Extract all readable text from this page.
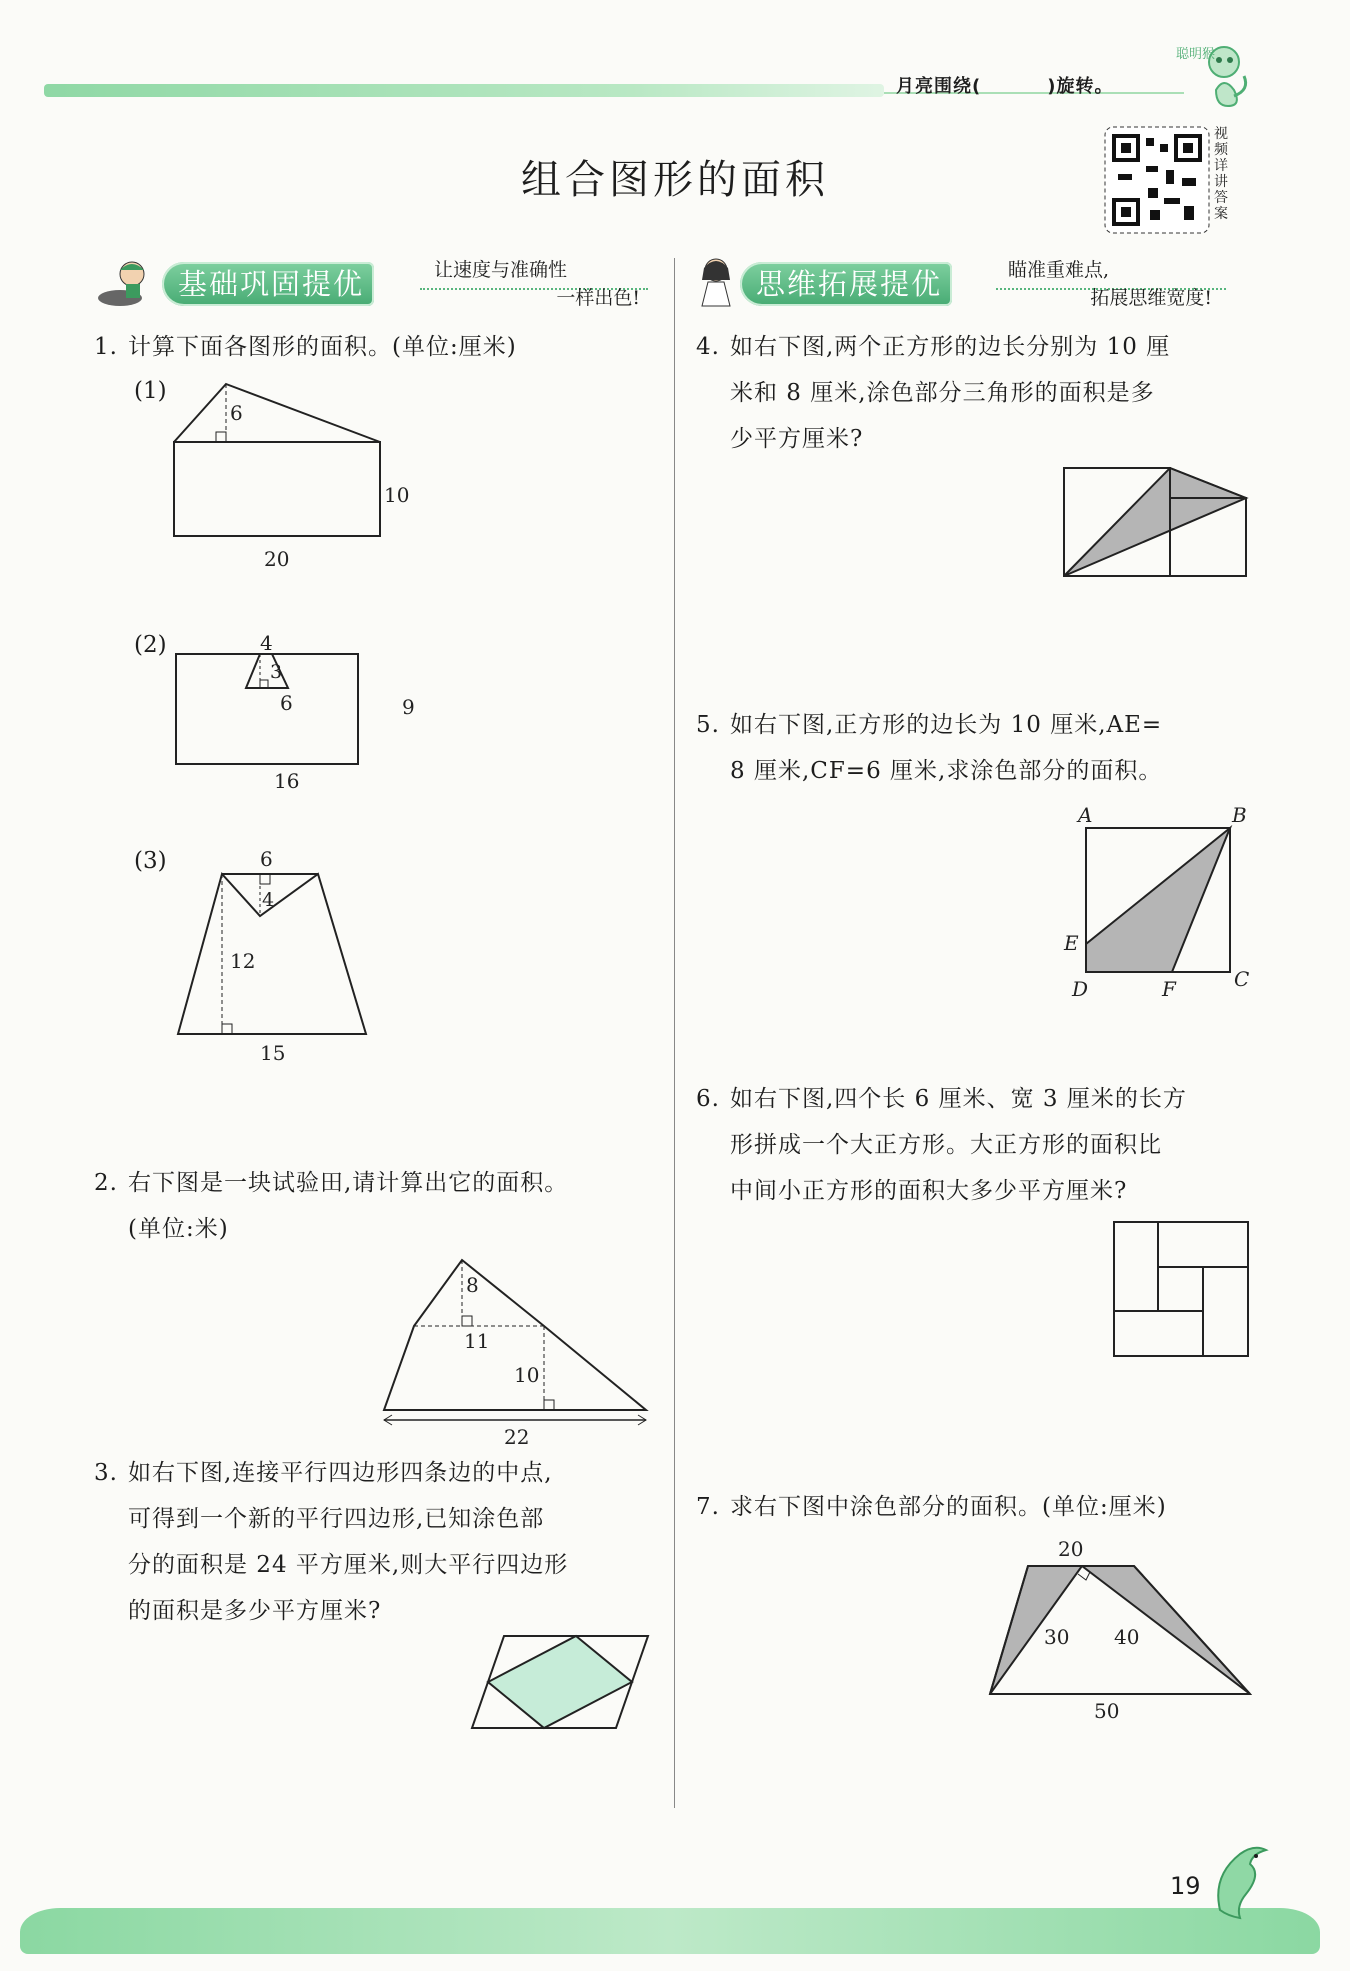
月亮围绕(	)旋转。
聪明猴
组合图形的面积
视频详讲答案
基础巩固提优	让速度与准确性
一样出色!	思维拓展提优	瞄准重难点,
拓展思维宽度!
1. 计算下面各图形的面积。(单位:厘米)
(1)
6
10
20
(2)	4
3
6	9
16
(3)	6
4
12
15
2. 右下图是一块试验田,请计算出它的面积。
(单位:米)
8
11
10
22
3. 如右下图,连接平行四边形四条边的中点,
可得到一个新的平行四边形,已知涂色部
分的面积是 24 平方厘米,则大平行四边形
的面积是多少平方厘米?
4. 如右下图,两个正方形的边长分别为 10 厘
米和 8 厘米,涂色部分三角形的面积是多
少平方厘米?
5. 如右下图,正方形的边长为 10 厘米,AE=
8 厘米,CF=6 厘米,求涂色部分的面积。
A	B
C
D
E
F
6. 如右下图,四个长 6 厘米、宽 3 厘米的长方
形拼成一个大正方形。大正方形的面积比
中间小正方形的面积大多少平方厘米?
7. 求右下图中涂色部分的面积。(单位:厘米)
20
30 40
50
19
